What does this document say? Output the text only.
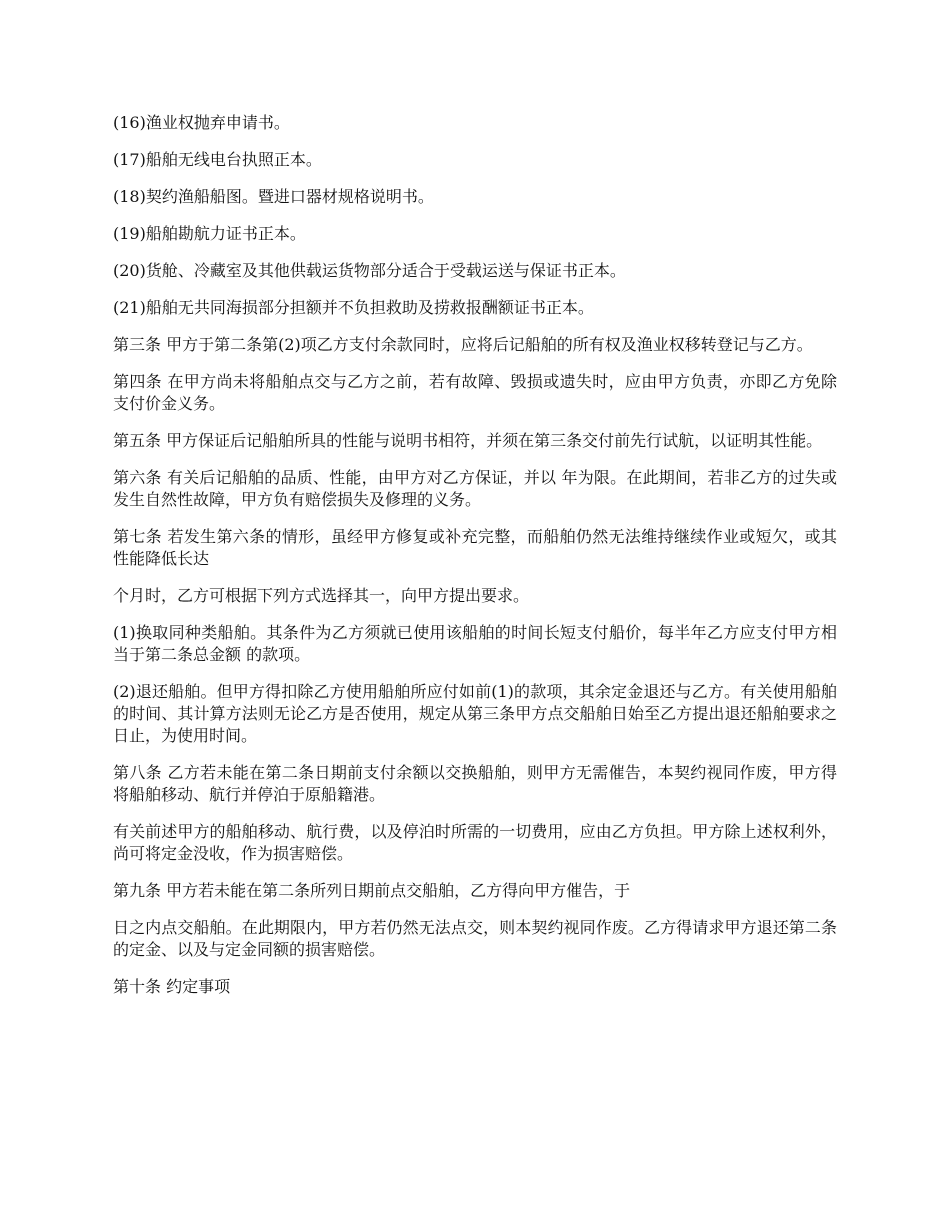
(16)渔业权抛弃申请书。

(17)船舶无线电台执照正本。

(18)契约渔船船图。暨进口器材规格说明书。

(19)船舶勘航力证书正本。

(20)货舱、冷藏室及其他供载运货物部分适合于受载运送与保证书正本。

(21)船舶无共同海损部分担额并不负担救助及捞救报酬额证书正本。

第三条 甲方于第二条第(2)项乙方支付余款同时，应将后记船舶的所有权及渔业权移转登记与乙方。

第四条 在甲方尚未将船舶点交与乙方之前，若有故障、毁损或遗失时，应由甲方负责，亦即乙方免除支付价金义务。

第五条 甲方保证后记船舶所具的性能与说明书相符，并须在第三条交付前先行试航，以证明其性能。

第六条 有关后记船舶的品质、性能，由甲方对乙方保证，并以 年为限。在此期间，若非乙方的过失或发生自然性故障，甲方负有赔偿损失及修理的义务。

第七条 若发生第六条的情形，虽经甲方修复或补充完整，而船舶仍然无法维持继续作业或短欠，或其性能降低长达

个月时，乙方可根据下列方式选择其一，向甲方提出要求。

(1)换取同种类船舶。其条件为乙方须就已使用该船舶的时间长短支付船价，每半年乙方应支付甲方相当于第二条总金额 的款项。

(2)退还船舶。但甲方得扣除乙方使用船舶所应付如前(1)的款项，其余定金退还与乙方。有关使用船舶的时间、其计算方法则无论乙方是否使用，规定从第三条甲方点交船舶日始至乙方提出退还船舶要求之日止，为使用时间。

第八条 乙方若未能在第二条日期前支付余额以交换船舶，则甲方无需催告，本契约视同作废，甲方得将船舶移动、航行并停泊于原船籍港。

有关前述甲方的船舶移动、航行费，以及停泊时所需的一切费用，应由乙方负担。甲方除上述权利外，尚可将定金没收，作为损害赔偿。

第九条 甲方若未能在第二条所列日期前点交船舶，乙方得向甲方催告，于

日之内点交船舶。在此期限内，甲方若仍然无法点交，则本契约视同作废。乙方得请求甲方退还第二条的定金、以及与定金同额的损害赔偿。

第十条 约定事项
